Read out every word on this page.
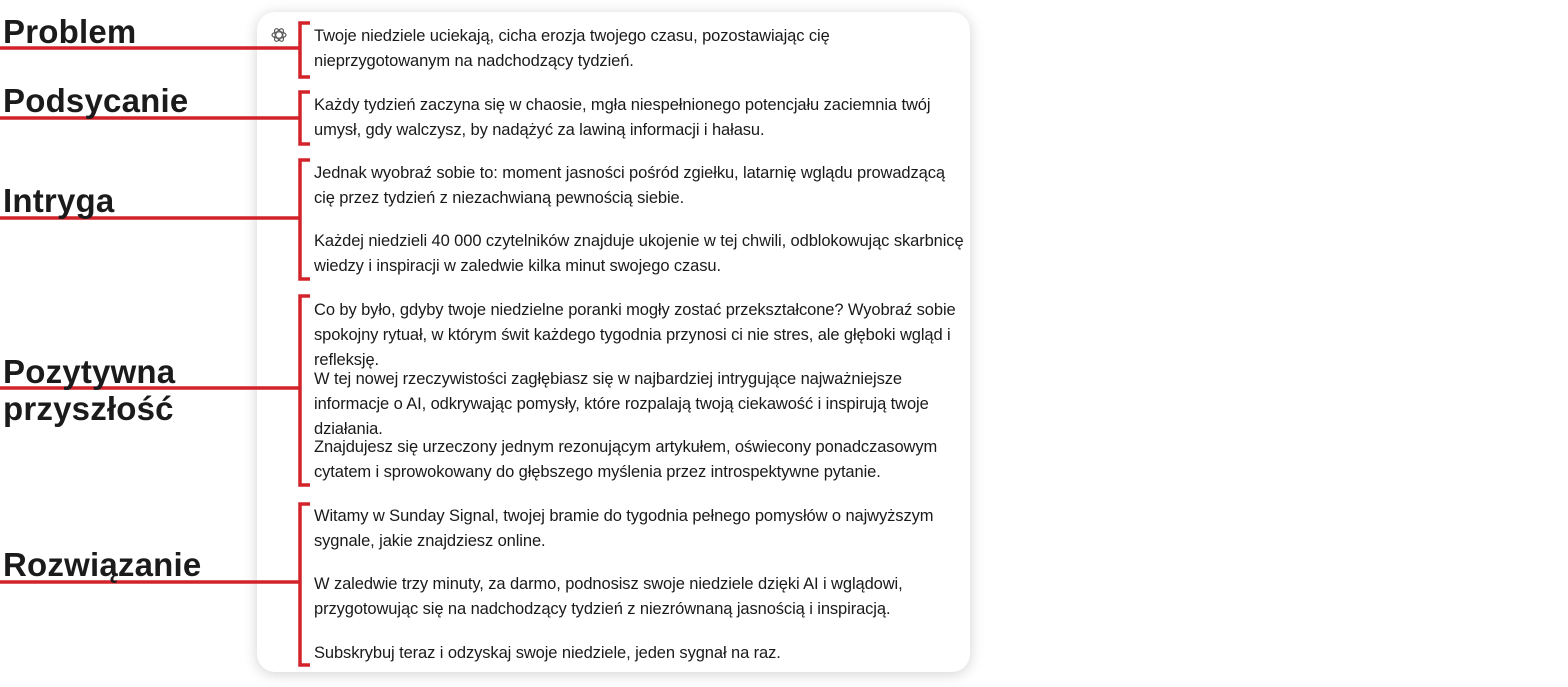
Problem
Podsycanie
Intryga
Pozytywna
przyszłość
Rozwiązanie

Twoje niedziele uciekają, cicha erozja twojego czasu, pozostawiając cię nieprzygotowanym na nadchodzący tydzień.

Każdy tydzień zaczyna się w chaosie, mgła niespełnionego potencjału zaciemnia twój umysł, gdy walczysz, by nadążyć za lawiną informacji i hałasu.

Jednak wyobraź sobie to: moment jasności pośród zgiełku, latarnię wglądu prowadzącą cię przez tydzień z niezachwianą pewnością siebie.

Każdej niedzieli 40 000 czytelników znajduje ukojenie w tej chwili, odblokowując skarbnicę wiedzy i inspiracji w zaledwie kilka minut swojego czasu.

Co by było, gdyby twoje niedzielne poranki mogły zostać przekształcone? Wyobraź sobie spokojny rytuał, w którym świt każdego tygodnia przynosi ci nie stres, ale głęboki wgląd i refleksję.

W tej nowej rzeczywistości zagłębiasz się w najbardziej intrygujące najważniejsze informacje o AI, odkrywając pomysły, które rozpalają twoją ciekawość i inspirują twoje działania.

Znajdujesz się urzeczony jednym rezonującym artykułem, oświecony ponadczasowym cytatem i sprowokowany do głębszego myślenia przez introspektywne pytanie.

Witamy w Sunday Signal, twojej bramie do tygodnia pełnego pomysłów o najwyższym sygnale, jakie znajdziesz online.

W zaledwie trzy minuty, za darmo, podnosisz swoje niedziele dzięki AI i wglądowi, przygotowując się na nadchodzący tydzień z niezrównaną jasnością i inspiracją.

Subskrybuj teraz i odzyskaj swoje niedziele, jeden sygnał na raz.
